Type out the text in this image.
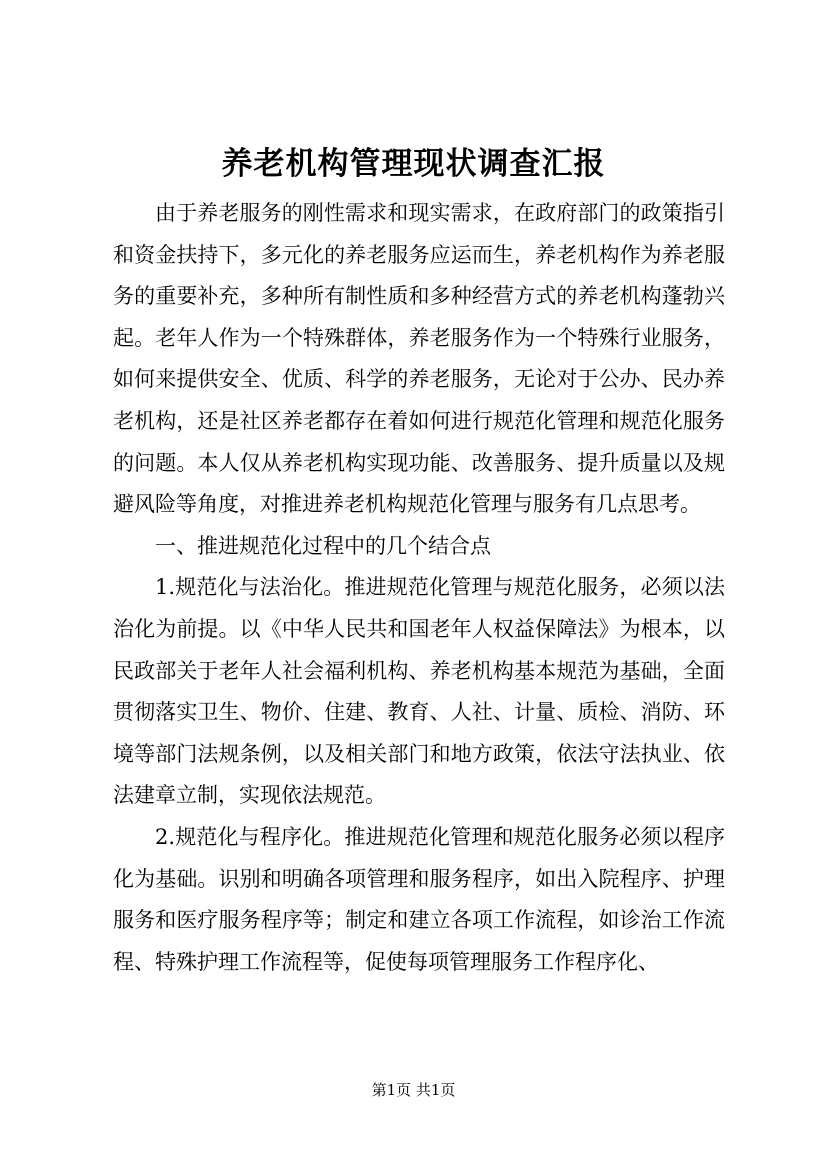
养老机构管理现状调查汇报

由于养老服务的刚性需求和现实需求，在政府部门的政策指引和资金扶持下，多元化的养老服务应运而生，养老机构作为养老服务的重要补充，多种所有制性质和多种经营方式的养老机构蓬勃兴起。老年人作为一个特殊群体，养老服务作为一个特殊行业服务，如何来提供安全、优质、科学的养老服务，无论对于公办、民办养老机构，还是社区养老都存在着如何进行规范化管理和规范化服务的问题。本人仅从养老机构实现功能、改善服务、提升质量以及规避风险等角度，对推进养老机构规范化管理与服务有几点思考。

一、推进规范化过程中的几个结合点

1.规范化与法治化。推进规范化管理与规范化服务，必须以法治化为前提。以《中华人民共和国老年人权益保障法》为根本，以民政部关于老年人社会福利机构、养老机构基本规范为基础，全面贯彻落实卫生、物价、住建、教育、人社、计量、质检、消防、环境等部门法规条例，以及相关部门和地方政策，依法守法执业、依法建章立制，实现依法规范。

2.规范化与程序化。推进规范化管理和规范化服务必须以程序化为基础。识别和明确各项管理和服务程序，如出入院程序、护理服务和医疗服务程序等；制定和建立各项工作流程，如诊治工作流程、特殊护理工作流程等，促使每项管理服务工作程序化、

第1页 共1页
